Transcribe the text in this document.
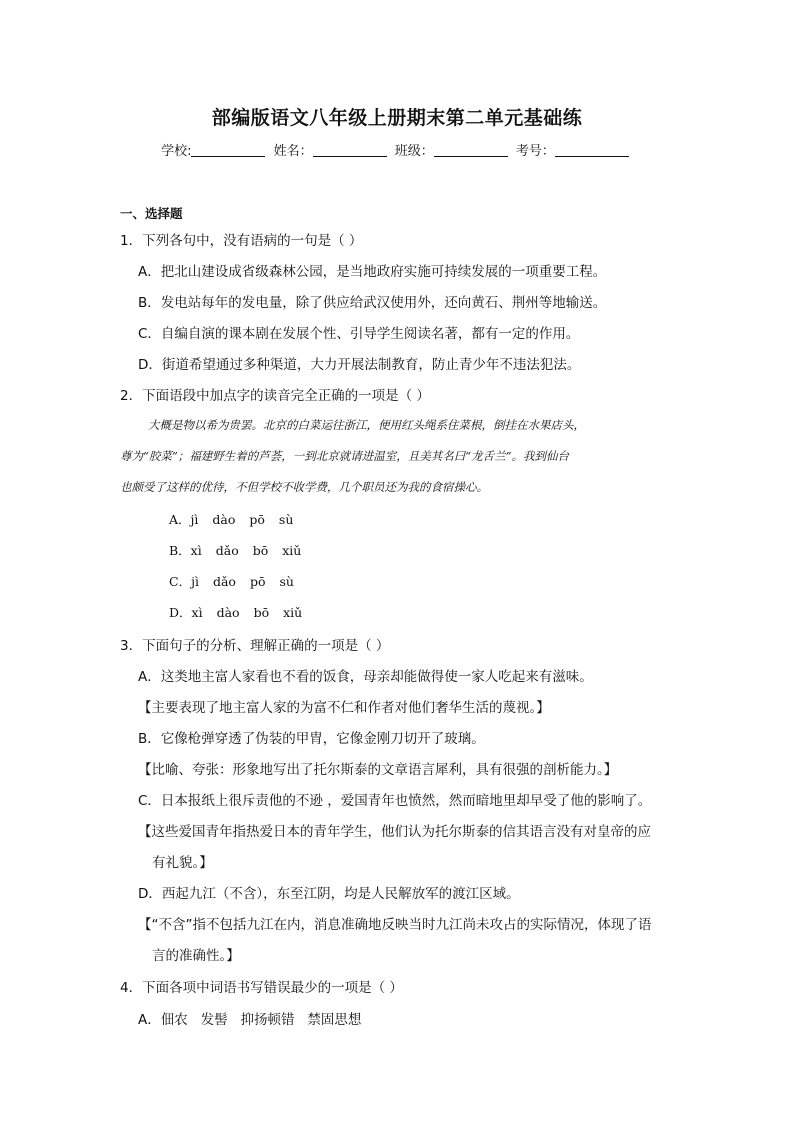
部编版语文八年级上册期末第二单元基础练
学校:	姓名：	班级：	考号：
一、选择题
1．下列各句中，没有语病的一句是（ ）
A．把北山建设成省级森林公园，是当地政府实施可持续发展的一项重要工程。
B．发电站每年的发电量，除了供应给武汉使用外，还向黄石、荆州等地输送。
C．自编自演的课本剧在发展个性、引导学生阅读名著，都有一定的作用。
D．街道希望通过多种渠道，大力开展法制教育，防止青少年不违法犯法。
2．下面语段中加点字的读音完全正确的一项是（ ）
大概是物以希为贵罢。北京的白菜运往浙江，便用红头绳系住菜根，倒挂在水果店头，
尊为“胶菜”；福建野生着的芦荟，一到北京就请进温室，且美其名曰“龙舌兰”。我到仙台
也颇受了这样的优待，不但学校不收学费，几个职员还为我的食宿操心。
A．jì dào pō sù
B．xì dǎo bō xiǔ
C．jì dǎo pō sù
D．xì dào bō xiǔ
3．下面句子的分析、理解正确的一项是（ ）
A．这类地主富人家看也不看的饭食，母亲却能做得使一家人吃起来有滋味。
【主要表现了地主富人家的为富不仁和作者对他们奢华生活的蔑视。】
B．它像枪弹穿透了伪装的甲胄，它像金刚刀切开了玻璃。
【比喻、夸张：形象地写出了托尔斯泰的文章语言犀利，具有很强的剖析能力。】
C．日本报纸上很斥责他的不逊 ，爱国青年也愤然，然而暗地里却早受了他的影响了。
【这些爱国青年指热爱日本的青年学生，他们认为托尔斯泰的信其语言没有对皇帝的应
有礼貌。】
D．西起九江（不含），东至江阴，均是人民解放军的渡江区域。
【“不含”指不包括九江在内，消息准确地反映当时九江尚未攻占的实际情况，体现了语
言的准确性。】
4．下面各项中词语书写错误最少的一项是（ ）
A．佃农   发髻   抑扬顿错   禁固思想
